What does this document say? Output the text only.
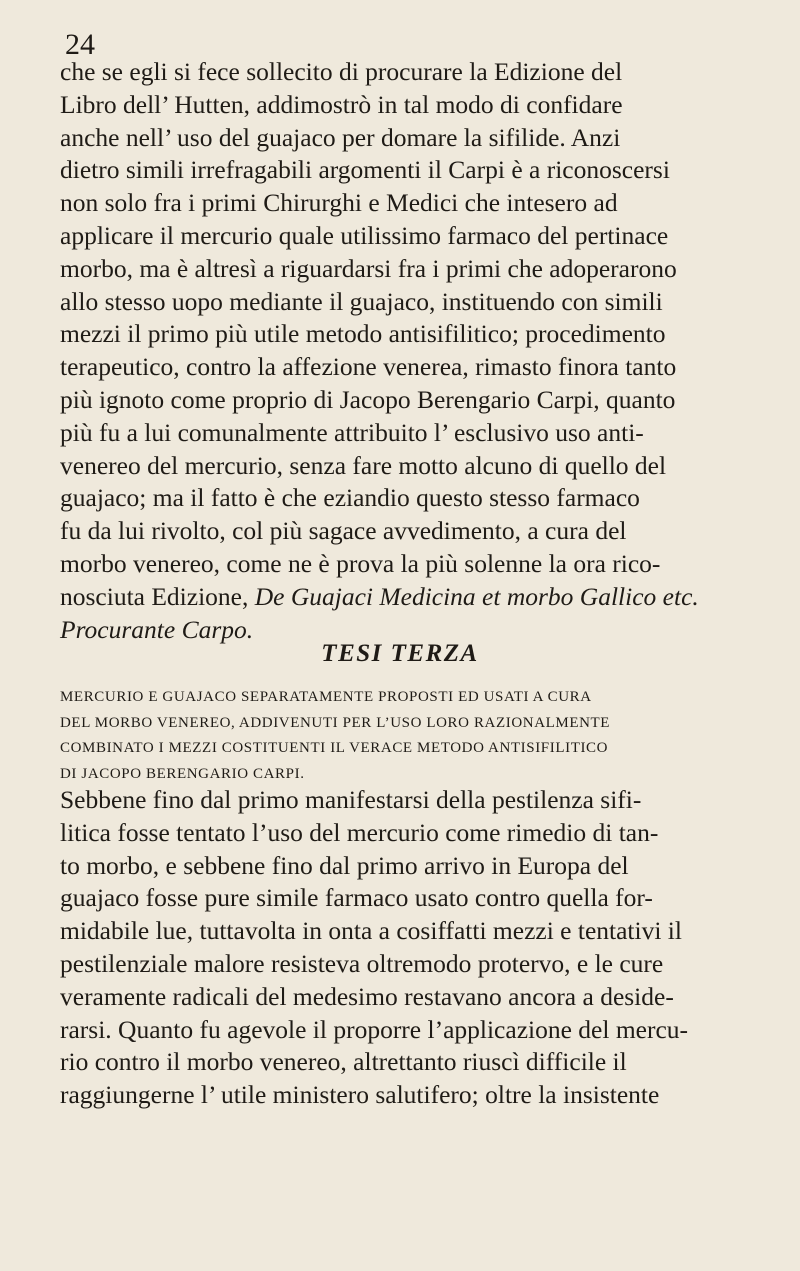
24

che se egli si fece sollecito di procurare la Edizione del
Libro dell’ Hutten, addimostrò in tal modo di confidare
anche nell’ uso del guajaco per domare la sifilide. Anzi
dietro simili irrefragabili argomenti il Carpi è a riconoscersi
non solo fra i primi Chirurghi e Medici che intesero ad
applicare il mercurio quale utilissimo farmaco del pertinace
morbo, ma è altresì a riguardarsi fra i primi che adoperarono
allo stesso uopo mediante il guajaco, instituendo con simili
mezzi il primo più utile metodo antisifilitico; procedimento
terapeutico, contro la affezione venerea, rimasto finora tanto
più ignoto come proprio di Jacopo Berengario Carpi, quanto
più fu a lui comunalmente attribuito l’ esclusivo uso anti-
venereo del mercurio, senza fare motto alcuno di quello del
guajaco; ma il fatto è che eziandio questo stesso farmaco
fu da lui rivolto, col più sagace avvedimento, a cura del
morbo venereo, come ne è prova la più solenne la ora rico-
nosciuta Edizione, De Guajaci Medicina et morbo Gallico etc.
Procurante Carpo.

TESI TERZA

MERCURIO E GUAJACO SEPARATAMENTE PROPOSTI ED USATI A CURA
DEL MORBO VENEREO, ADDIVENUTI PER L’USO LORO RAZIONALMENTE
COMBINATO I MEZZI COSTITUENTI IL VERACE METODO ANTISIFILITICO
DI JACOPO BERENGARIO CARPI.

Sebbene fino dal primo manifestarsi della pestilenza sifi-
litica fosse tentato l’uso del mercurio come rimedio di tan-
to morbo, e sebbene fino dal primo arrivo in Europa del
guajaco fosse pure simile farmaco usato contro quella for-
midabile lue, tuttavolta in onta a cosiffatti mezzi e tentativi il
pestilenziale malore resisteva oltremodo protervo, e le cure
veramente radicali del medesimo restavano ancora a deside-
rarsi. Quanto fu agevole il proporre l’applicazione del mercu-
rio contro il morbo venereo, altrettanto riuscì difficile il
raggiungerne l’ utile ministero salutifero; oltre la insistente
